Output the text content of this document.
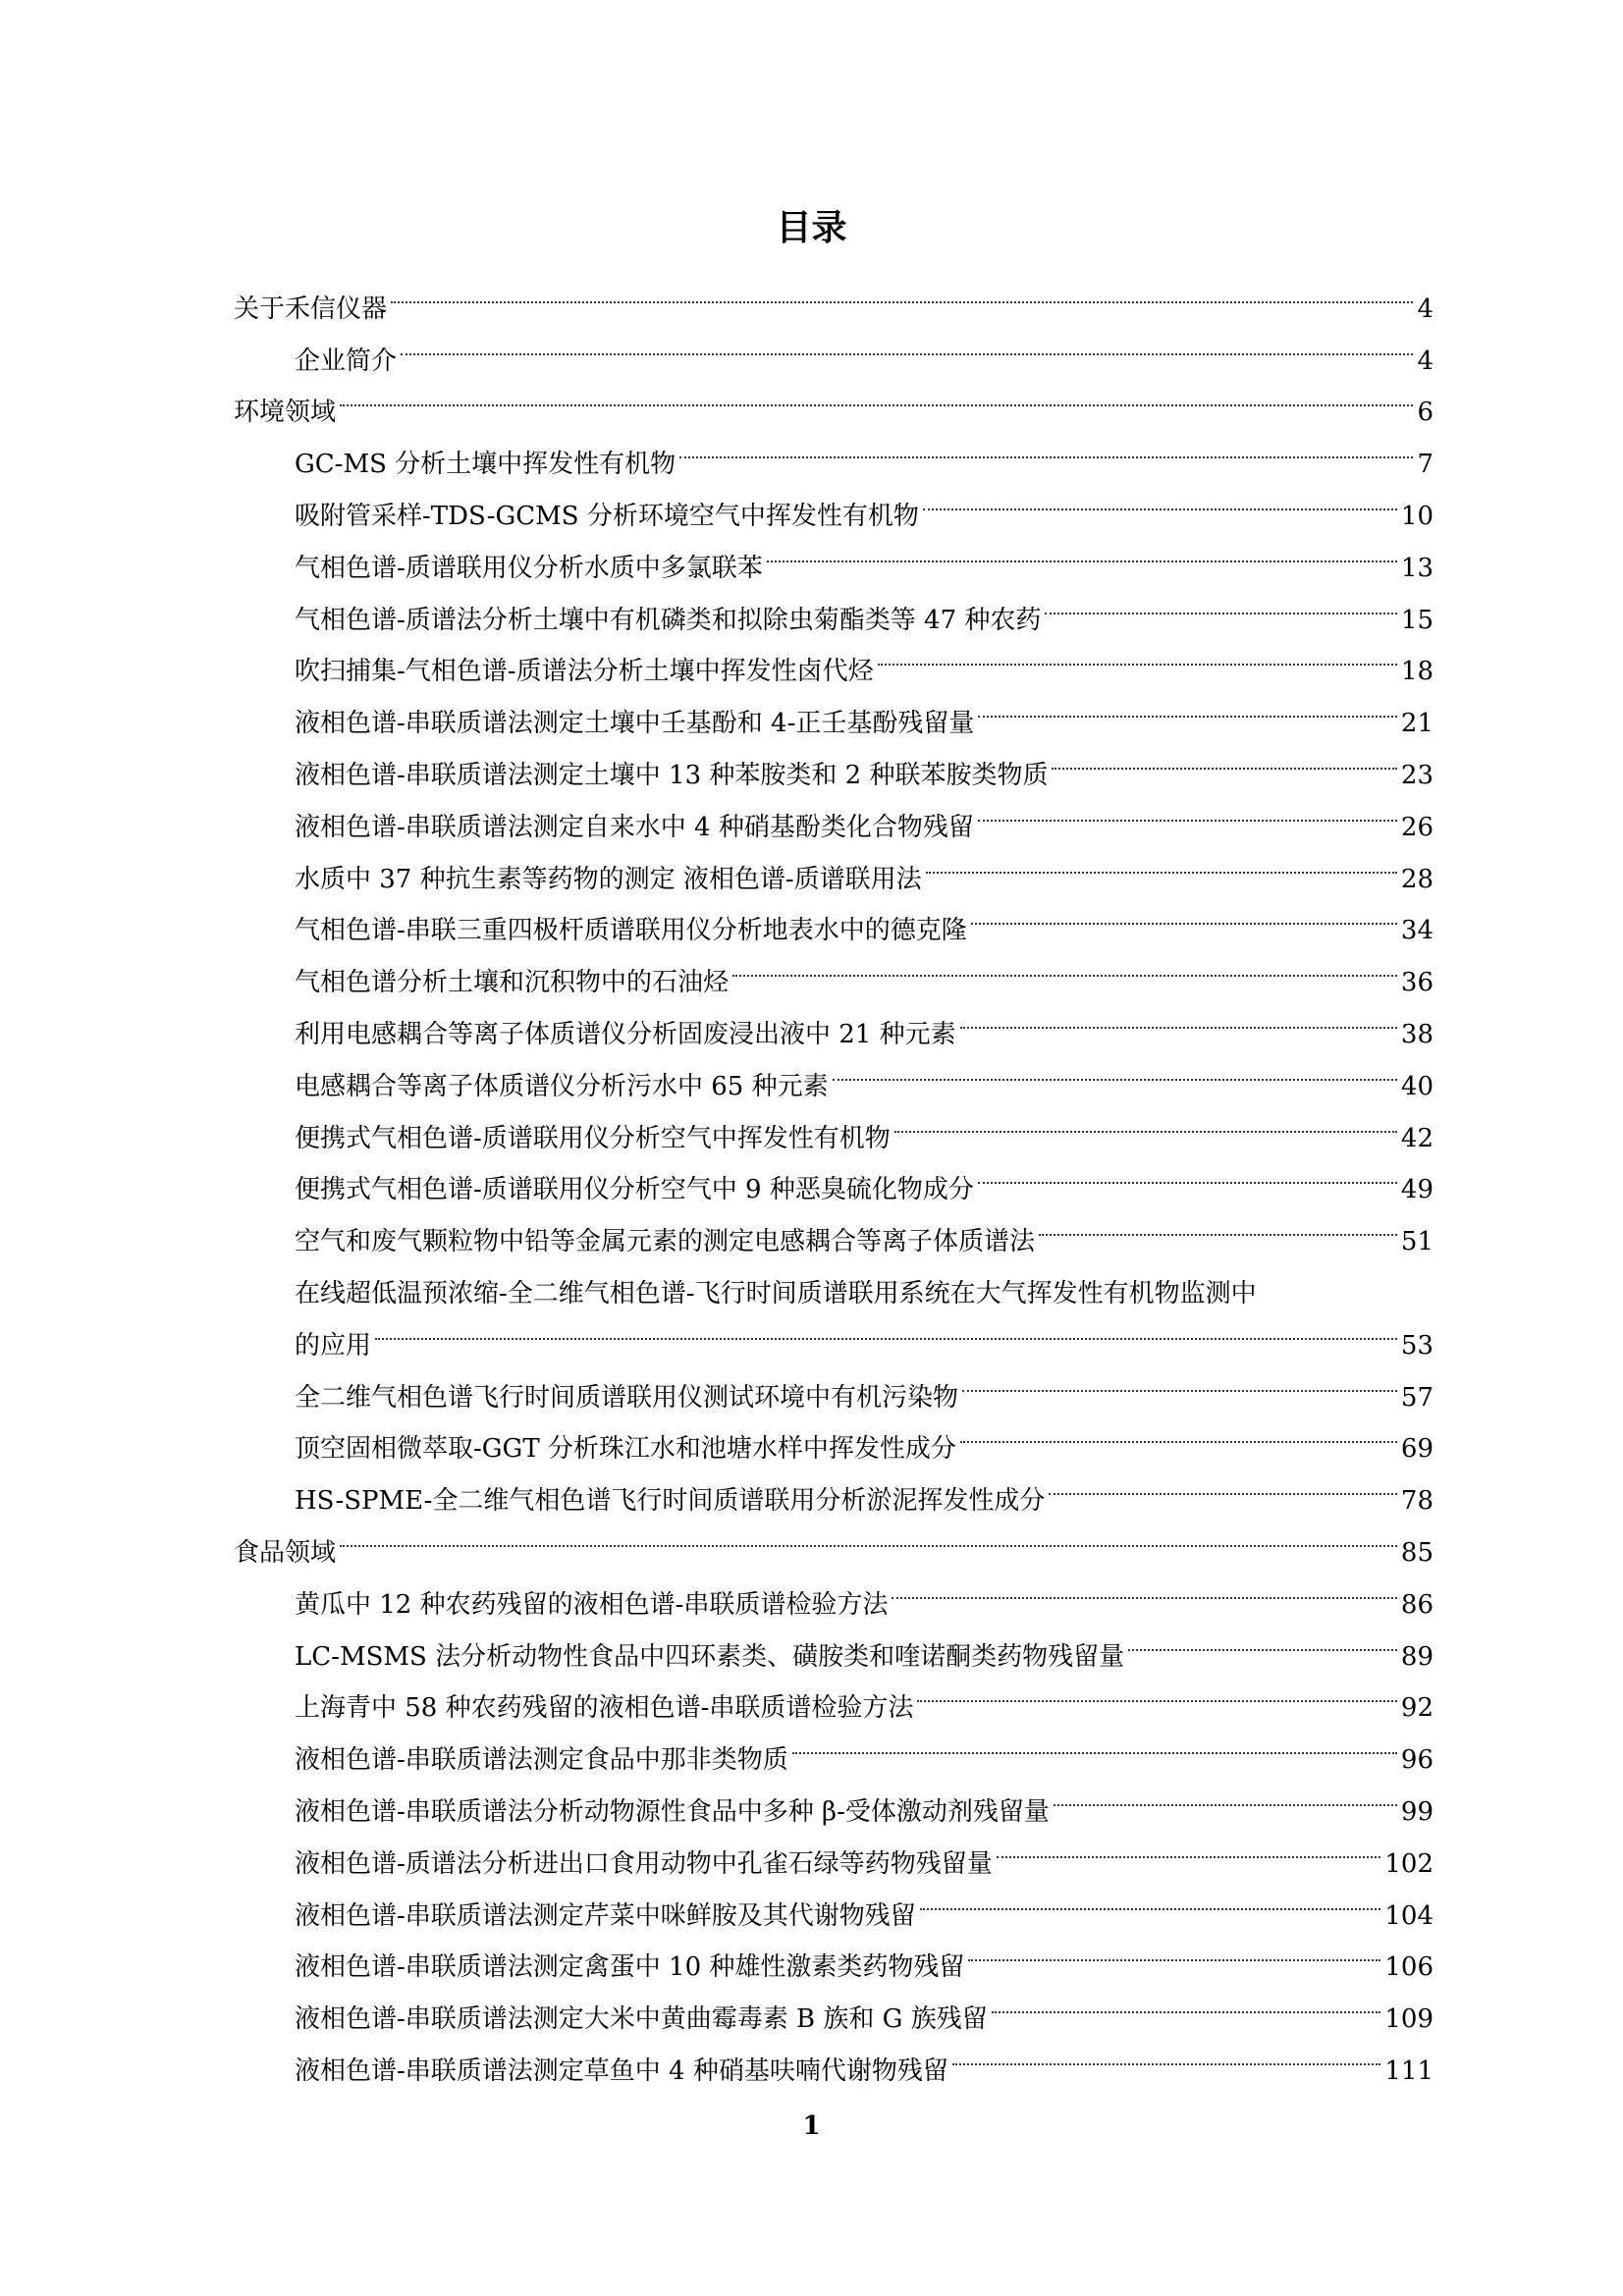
目录
关于禾信仪器	4
企业简介	4
环境领域	6
GC-MS 分析土壤中挥发性有机物	7
吸附管采样-TDS-GCMS 分析环境空气中挥发性有机物	10
气相色谱-质谱联用仪分析水质中多氯联苯	13
气相色谱-质谱法分析土壤中有机磷类和拟除虫菊酯类等 47 种农药	15
吹扫捕集-气相色谱-质谱法分析土壤中挥发性卤代烃	18
液相色谱-串联质谱法测定土壤中壬基酚和 4-正壬基酚残留量	21
液相色谱-串联质谱法测定土壤中 13 种苯胺类和 2 种联苯胺类物质	23
液相色谱-串联质谱法测定自来水中 4 种硝基酚类化合物残留	26
水质中 37 种抗生素等药物的测定 液相色谱-质谱联用法	28
气相色谱-串联三重四极杆质谱联用仪分析地表水中的德克隆	34
气相色谱分析土壤和沉积物中的石油烃	36
利用电感耦合等离子体质谱仪分析固废浸出液中 21 种元素	38
电感耦合等离子体质谱仪分析污水中 65 种元素	40
便携式气相色谱-质谱联用仪分析空气中挥发性有机物	42
便携式气相色谱-质谱联用仪分析空气中 9 种恶臭硫化物成分	49
空气和废气颗粒物中铅等金属元素的测定电感耦合等离子体质谱法	51
在线超低温预浓缩-全二维气相色谱-飞行时间质谱联用系统在大气挥发性有机物监测中
的应用	53
全二维气相色谱飞行时间质谱联用仪测试环境中有机污染物	57
顶空固相微萃取-GGT 分析珠江水和池塘水样中挥发性成分	69
HS-SPME-全二维气相色谱飞行时间质谱联用分析淤泥挥发性成分	78
食品领域	85
黄瓜中 12 种农药残留的液相色谱-串联质谱检验方法	86
LC-MSMS 法分析动物性食品中四环素类、磺胺类和喹诺酮类药物残留量	89
上海青中 58 种农药残留的液相色谱-串联质谱检验方法	92
液相色谱-串联质谱法测定食品中那非类物质	96
液相色谱-串联质谱法分析动物源性食品中多种 β-受体激动剂残留量	99
液相色谱-质谱法分析进出口食用动物中孔雀石绿等药物残留量	102
液相色谱-串联质谱法测定芹菜中咪鲜胺及其代谢物残留	104
液相色谱-串联质谱法测定禽蛋中 10 种雄性激素类药物残留	106
液相色谱-串联质谱法测定大米中黄曲霉毒素 B 族和 G 族残留	109
液相色谱-串联质谱法测定草鱼中 4 种硝基呋喃代谢物残留	111
1
